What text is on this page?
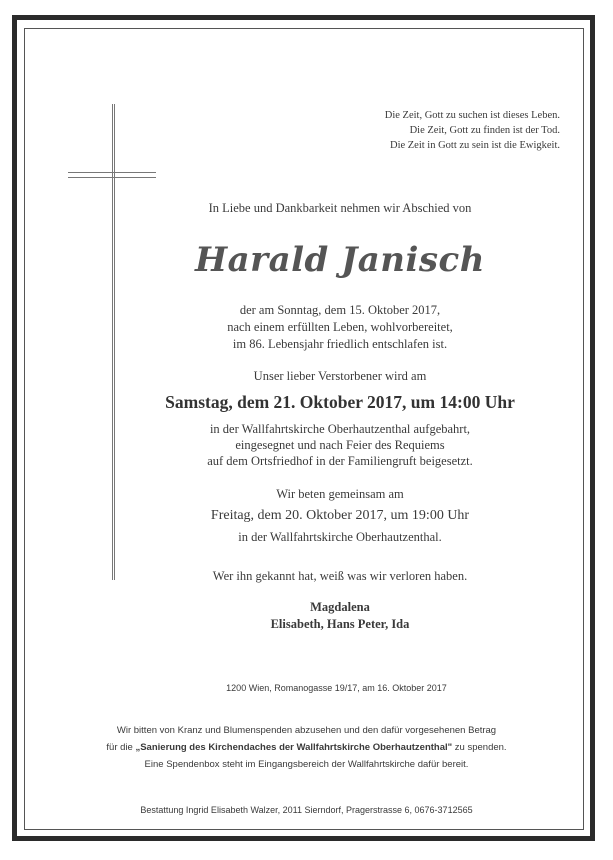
Die Zeit, Gott zu suchen ist dieses Leben.
Die Zeit, Gott zu finden ist der Tod.
Die Zeit in Gott zu sein ist die Ewigkeit.
In Liebe und Dankbarkeit nehmen wir Abschied von
Harald Janisch
der am Sonntag, dem 15. Oktober 2017,
nach einem erfüllten Leben, wohlvorbereitet,
im 86. Lebensjahr friedlich entschlafen ist.
Unser lieber Verstorbener wird am
Samstag, dem 21. Oktober 2017, um 14:00 Uhr
in der Wallfahrtskirche Oberhautzenthal aufgebahrt,
eingesegnet und nach Feier des Requiems
auf dem Ortsfriedhof in der Familiengruft beigesetzt.
Wir beten gemeinsam am
Freitag, dem 20. Oktober 2017, um 19:00 Uhr
in der Wallfahrtskirche Oberhautzenthal.
Wer ihn gekannt hat, weiß was wir verloren haben.
Magdalena
Elisabeth, Hans Peter, Ida
1200 Wien, Romanogasse 19/17, am 16. Oktober 2017
Wir bitten von Kranz und Blumenspenden abzusehen und den dafür vorgesehenen Betrag
für die „Sanierung des Kirchendaches der Wallfahrtskirche Oberhautzenthal" zu spenden.
Eine Spendenbox steht im Eingangsbereich der Wallfahrtskirche dafür bereit.
Bestattung Ingrid Elisabeth Walzer, 2011 Sierndorf, Pragerstrasse 6, 0676-3712565
